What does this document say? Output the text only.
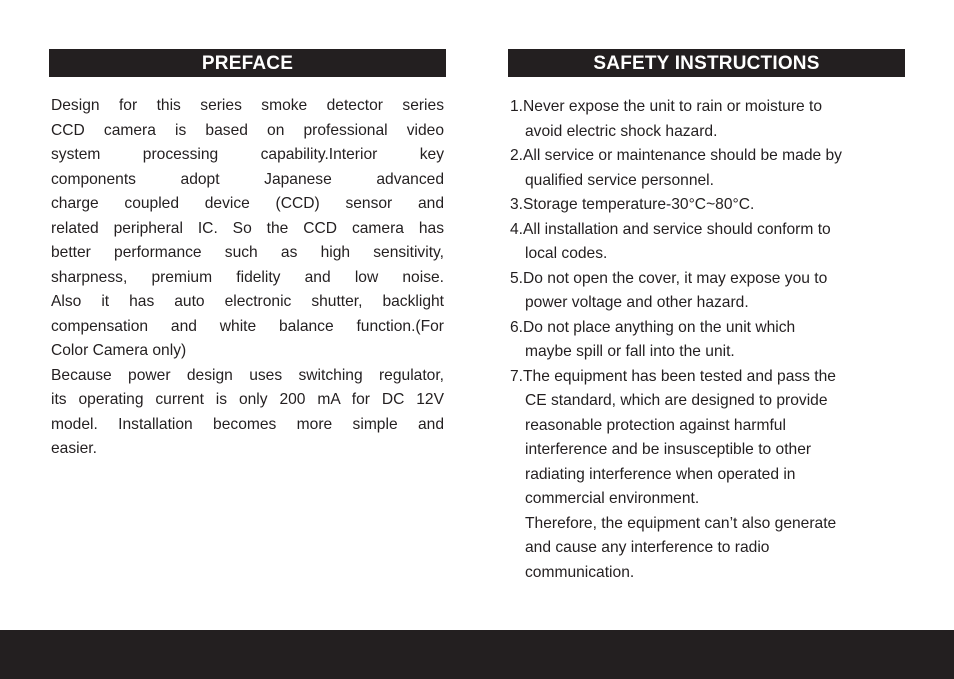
PREFACE
Design for this series smoke detector series
CCD camera is based on professional video
system processing capability.Interior key
components adopt Japanese advanced
charge coupled device (CCD) sensor and
related peripheral IC. So the CCD camera has
better performance such as high sensitivity,
sharpness, premium fidelity and low noise.
Also it has auto electronic shutter, backlight
compensation and white balance function.(For
Color Camera only)
Because power design uses switching regulator,
its operating current is only 200 mA for DC 12V
model. Installation becomes more simple and
easier.
SAFETY INSTRUCTIONS
1.Never expose the unit to rain or moisture to
avoid electric shock hazard.
2.All service or maintenance should be made by
qualified service personnel.
3.Storage temperature-30°C~80°C.
4.All installation and service should conform to
local codes.
5.Do not open the cover, it may expose you to
power voltage and other hazard.
6.Do not place anything on the unit which
maybe spill or fall into the unit.
7.The equipment has been tested and pass the
CE standard, which are designed to provide
reasonable protection against harmful
interference and be insusceptible to other
radiating interference when operated in
commercial environment.
Therefore, the equipment can’t also generate
and cause any interference to radio
communication.
